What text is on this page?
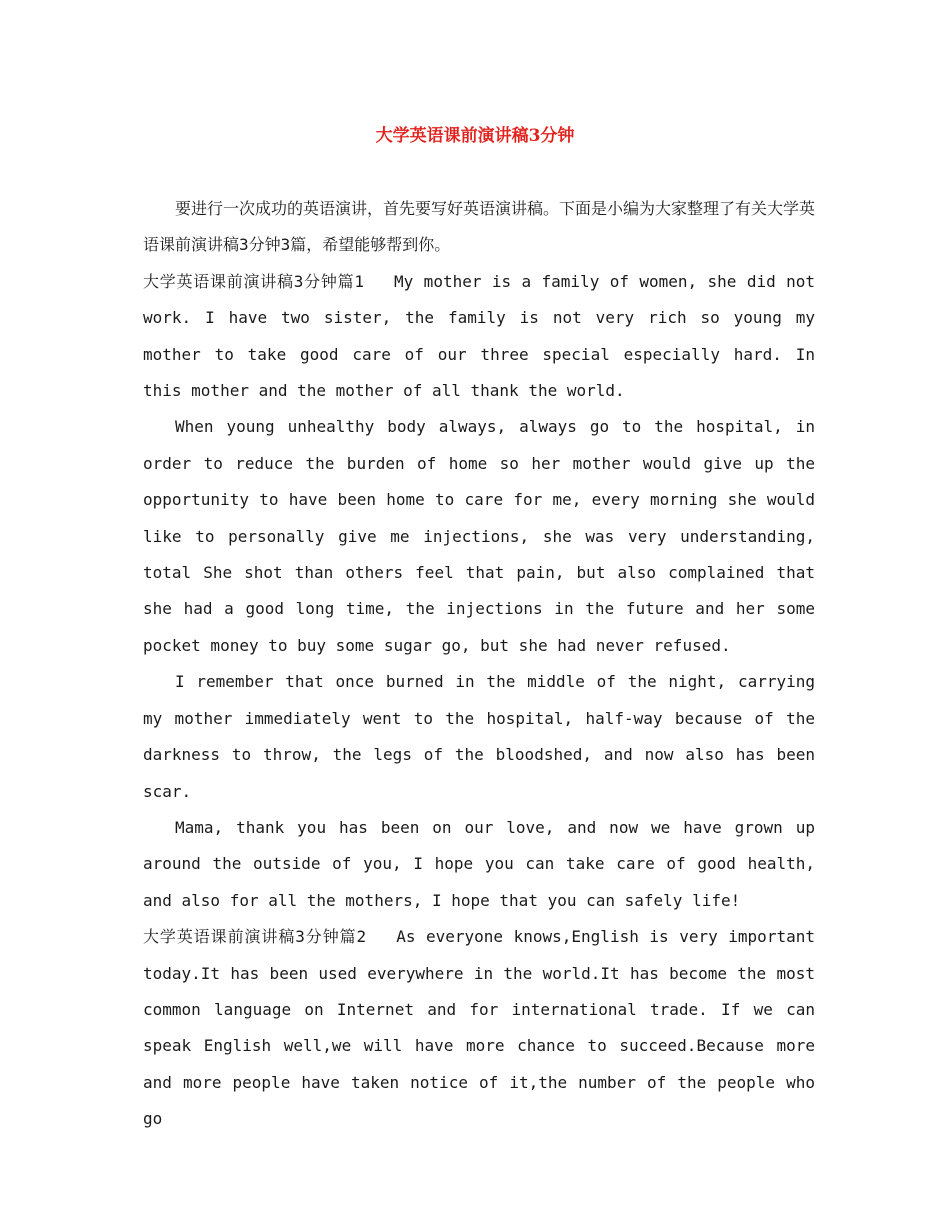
大学英语课前演讲稿3分钟

要进行一次成功的英语演讲，首先要写好英语演讲稿。下面是小编为大家整理了有关大学英语课前演讲稿3分钟3篇，希望能够帮到你。

大学英语课前演讲稿3分钟篇1 My mother is a family of women, she did not work. I have two sister, the family is not very rich so young my mother to take good care of our three special especially hard. In this mother and the mother of all thank the world.

When young unhealthy body always, always go to the hospital, in order to reduce the burden of home so her mother would give up the opportunity to have been home to care for me, every morning she would like to personally give me injections, she was very understanding, total She shot than others feel that pain, but also complained that she had a good long time, the injections in the future and her some pocket money to buy some sugar go, but she had never refused.

I remember that once burned in the middle of the night, carrying my mother immediately went to the hospital, half-way because of the darkness to throw, the legs of the bloodshed, and now also has been scar.

Mama, thank you has been on our love, and now we have grown up around the outside of you, I hope you can take care of good health, and also for all the mothers, I hope that you can safely life!

大学英语课前演讲稿3分钟篇2 As everyone knows,English is very important today.It has been used everywhere in the world.It has become the most common language on Internet and for international trade. If we can speak English well,we will have more chance to succeed.Because more and more people have taken notice of it,the number of the people who go
